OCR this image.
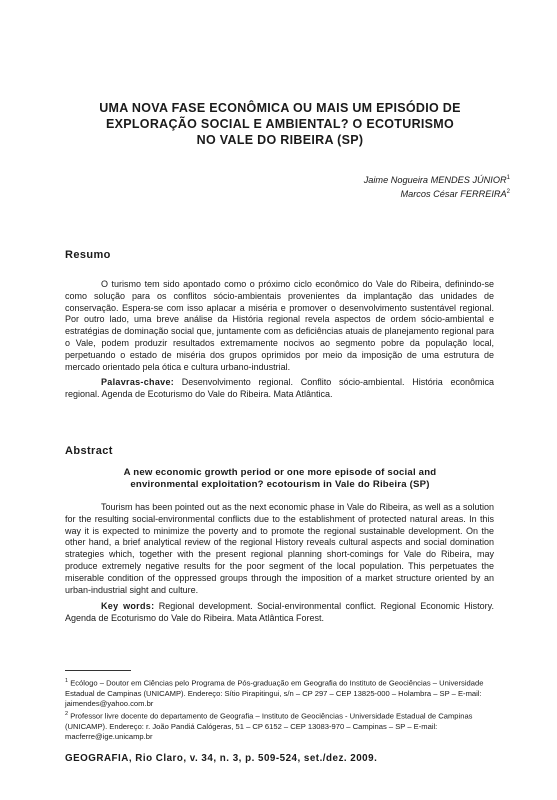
UMA NOVA FASE ECONÔMICA OU MAIS UM EPISÓDIO DE
EXPLORAÇÃO SOCIAL E AMBIENTAL? O ECOTURISMO
NO VALE DO RIBEIRA (SP)
Jaime Nogueira MENDES JÚNIOR$^1$
Marcos César FERREIRA$^2$
Resumo

O turismo tem sido apontado como o próximo ciclo econômico do Vale do Ribeira, definindo-se como solução para os conflitos sócio-ambientais provenientes da implantação das unidades de conservação. Espera-se com isso aplacar a miséria e promover o desenvolvimento sustentável regional. Por outro lado, uma breve análise da História regional revela aspectos de ordem sócio-ambiental e estratégias de dominação social que, juntamente com as deficiências atuais de planejamento regional para o Vale, podem produzir resultados extremamente nocivos ao segmento pobre da população local, perpetuando o estado de miséria dos grupos oprimidos por meio da imposição de uma estrutura de mercado orientado pela ótica e cultura urbano-industrial.

Palavras-chave: Desenvolvimento regional. Conflito sócio-ambiental. História econômica regional. Agenda de Ecoturismo do Vale do Ribeira. Mata Atlântica.

Abstract
A new economic growth period or one more episode of social and
environmental exploitation? ecotourism in Vale do Ribeira (SP)

Tourism has been pointed out as the next economic phase in Vale do Ribeira, as well as a solution for the resulting social-environmental conflicts due to the establishment of protected natural areas. In this way it is expected to minimize the poverty and to promote the regional sustainable development. On the other hand, a brief analytical review of the regional History reveals cultural aspects and social domination strategies which, together with the present regional planning short-comings for Vale do Ribeira, may produce extremely negative results for the poor segment of the local population. This perpetuates the miserable condition of the oppressed groups through the imposition of a market structure oriented by an urban-industrial sight and culture.

Key words: Regional development. Social-environmental conflict. Regional Economic History. Agenda de Ecoturismo do Vale do Ribeira. Mata Atlântica Forest.

$^1$ Ecólogo – Doutor em Ciências pelo Programa de Pós-graduação em Geografia do Instituto de Geociências – Universidade Estadual de Campinas (UNICAMP). Endereço: Sítio Pirapitingui, s/n – CP 297 – CEP 13825-000 – Holambra – SP – E-mail: jaimendes@yahoo.com.br

$^2$ Professor livre docente do departamento de Geografia – Instituto de Geociências - Universidade Estadual de Campinas (UNICAMP). Endereço: r. João Pandiá Calógeras, 51 – CP 6152 – CEP 13083-970 – Campinas – SP – E-mail: macferre@ige.unicamp.br

GEOGRAFIA, Rio Claro, v. 34, n. 3, p. 509-524, set./dez. 2009.
